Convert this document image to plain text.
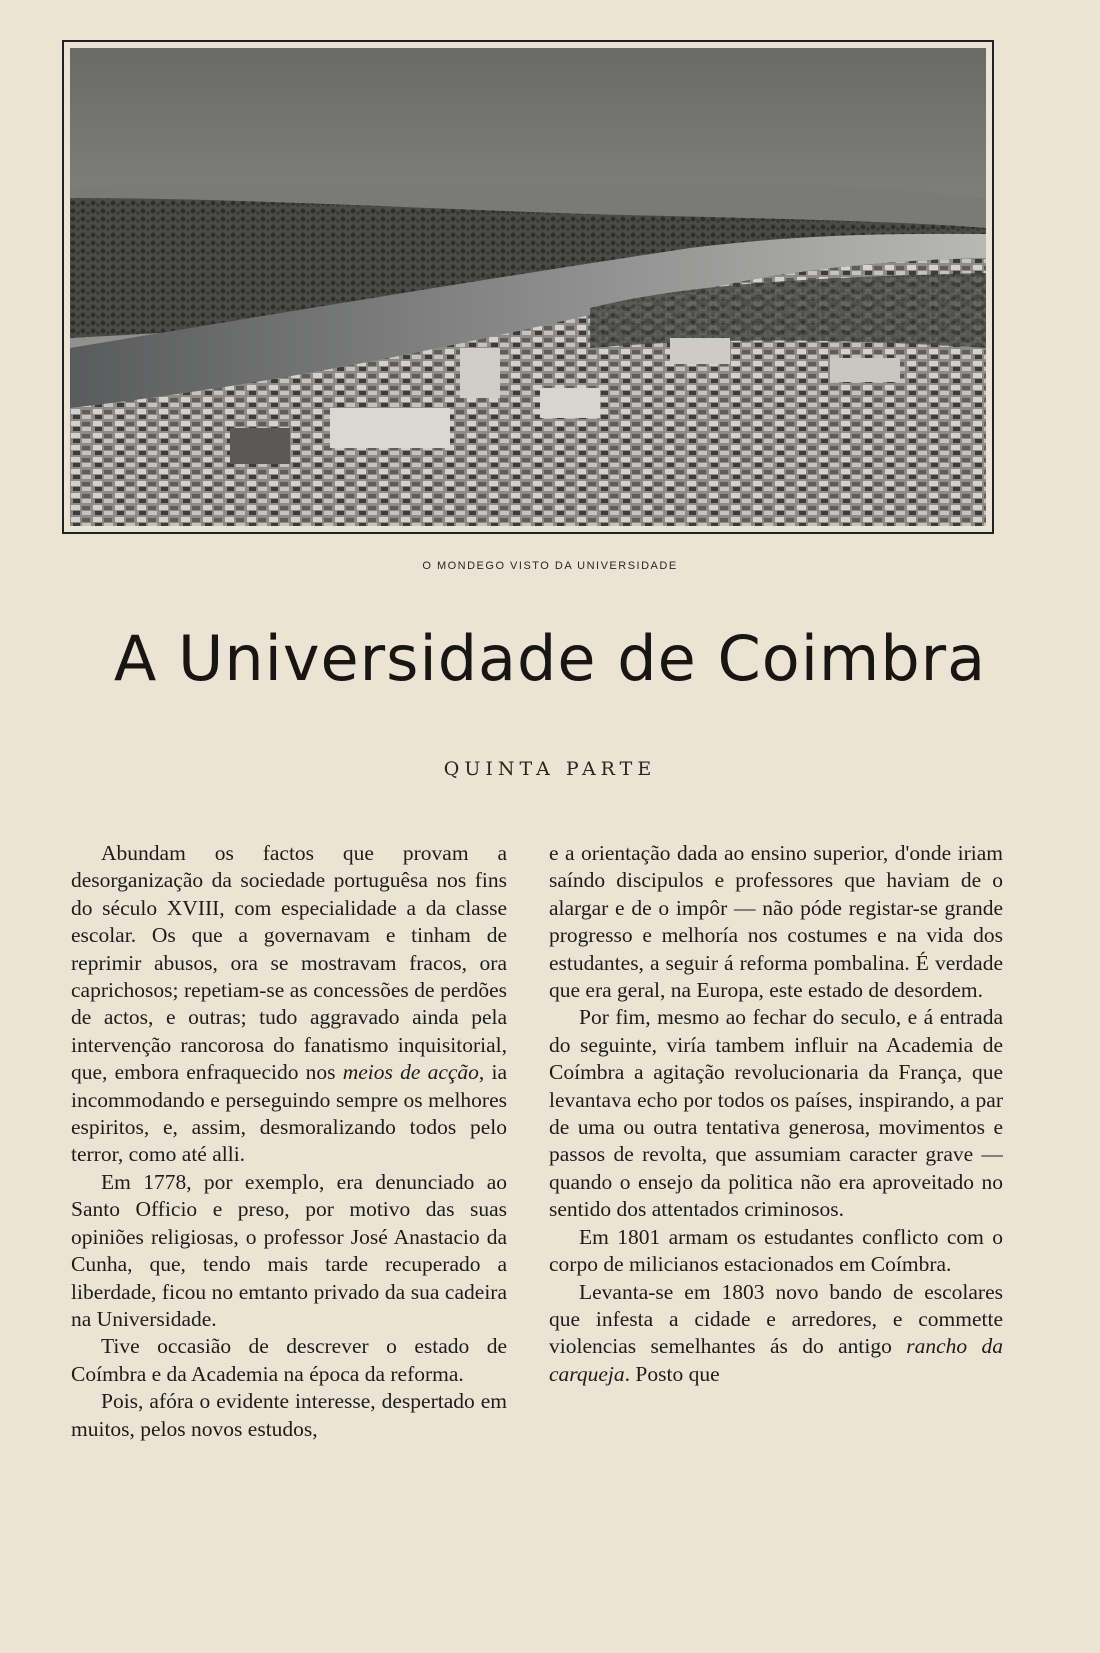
O MONDEGO VISTO DA UNIVERSIDADE
A Universidade de Coimbra
QUINTA PARTE

Abundam os factos que provam a desorganização da sociedade portuguêsa nos fins do século XVIII, com especialidade a da classe escolar. Os que a governavam e tinham de reprimir abusos, ora se mostravam fracos, ora caprichosos; repetiam-se as concessões de perdões de actos, e outras; tudo aggravado ainda pela intervenção rancorosa do fanatismo inquisitorial, que, embora enfraquecido nos meios de acção, ia incommodando e perseguindo sempre os melhores espiritos, e, assim, desmoralizando todos pelo terror, como até alli.

Em 1778, por exemplo, era denunciado ao Santo Officio e preso, por motivo das suas opiniões religiosas, o professor José Anastacio da Cunha, que, tendo mais tarde recuperado a liberdade, ficou no emtanto privado da sua cadeira na Universidade.

Tive occasião de descrever o estado de Coímbra e da Academia na época da reforma.

Pois, afóra o evidente interesse, despertado em muitos, pelos novos estudos,

e a orientação dada ao ensino superior, d'onde iriam saíndo discipulos e professores que haviam de o alargar e de o impôr — não póde registar-se grande progresso e melhoría nos costumes e na vida dos estudantes, a seguir á reforma pombalina. É verdade que era geral, na Europa, este estado de desordem.

Por fim, mesmo ao fechar do seculo, e á entrada do seguinte, viría tambem influir na Academia de Coímbra a agitação revolucionaria da França, que levantava echo por todos os países, inspirando, a par de uma ou outra tentativa generosa, movimentos e passos de revolta, que assumiam caracter grave — quando o ensejo da politica não era aproveitado no sentido dos attentados criminosos.

Em 1801 armam os estudantes conflicto com o corpo de milicianos estacionados em Coímbra.

Levanta-se em 1803 novo bando de escolares que infesta a cidade e arredores, e commette violencias semelhantes ás do antigo rancho da carqueja. Posto que
